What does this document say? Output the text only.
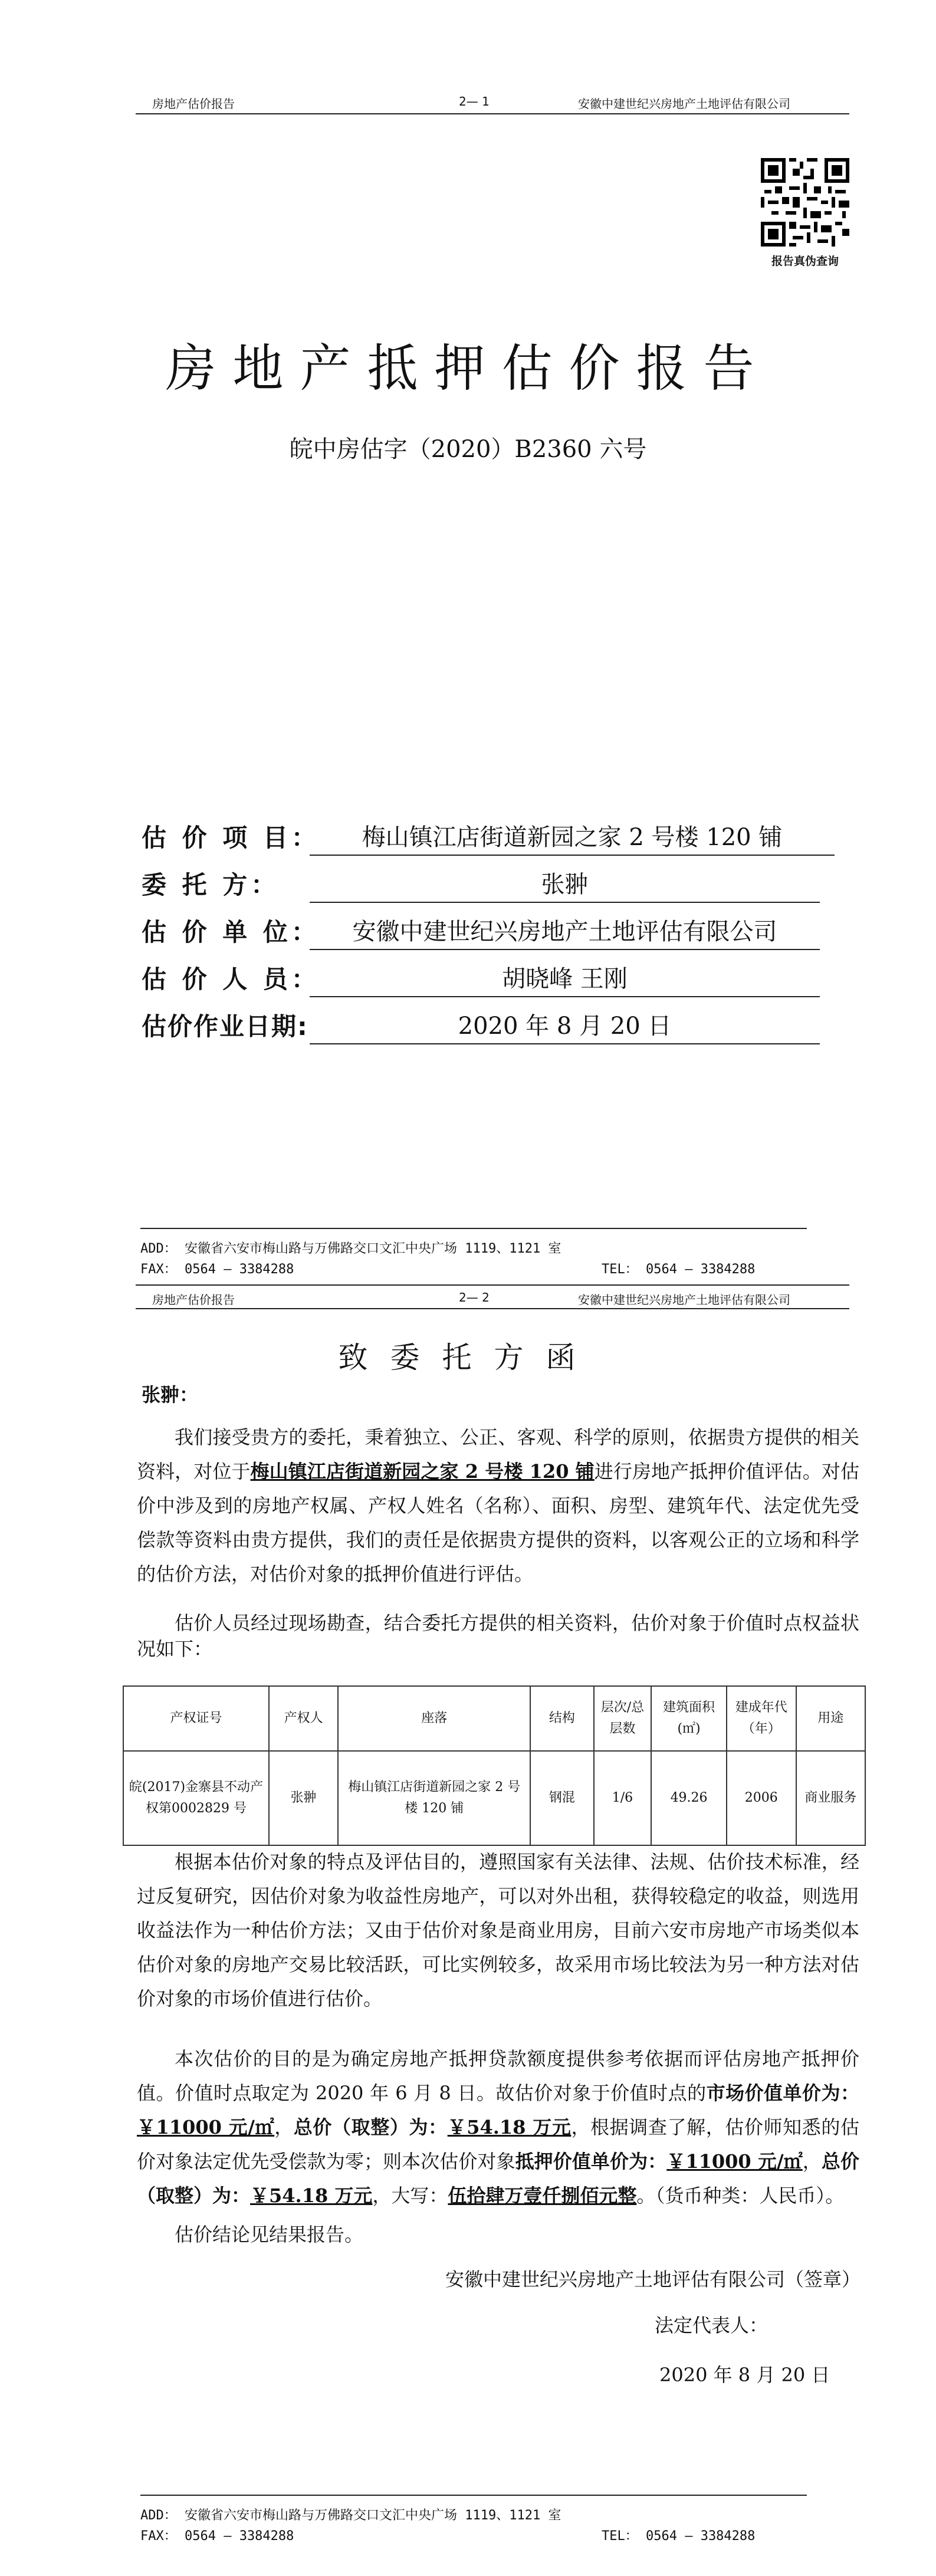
房地产估价报告	2— 1	安徽中建世纪兴房地产土地评估有限公司
报告真伪查询
房地产抵押估价报告
皖中房估字（2020）B2360 六号
估 价 项 目：	梅山镇江店街道新园之家 2 号楼 120 铺
委 托 方：	张翀
估 价 单 位：	安徽中建世纪兴房地产土地评估有限公司
估 价 人 员：	胡晓峰 王刚
估价作业日期:	2020 年 8 月 20 日
ADD： 安徽省六安市梅山路与万佛路交口文汇中央广场 1119、1121 室
FAX： 0564 — 3384288	TEL： 0564 — 3384288
房地产估价报告	2— 2	安徽中建世纪兴房地产土地评估有限公司
致委托方函
张翀：
我们接受贵方的委托，秉着独立、公正、客观、科学的原则，依据贵方提供的相关资料，对位于梅山镇江店街道新园之家 2 号楼 120 铺进行房地产抵押价值评估。对估价中涉及到的房地产权属、产权人姓名（名称）、面积、房型、建筑年代、法定优先受偿款等资料由贵方提供，我们的责任是依据贵方提供的资料，以客观公正的立场和科学的估价方法，对估价对象的抵押价值进行评估。
估价人员经过现场勘查，结合委托方提供的相关资料，估价对象于价值时点权益状况如下：
产权证号	产权人	座落	结构	层次/总层数	建筑面积(㎡)	建成年代（年）	用途
皖(2017)金寨县不动产权第0002829 号	张翀	梅山镇江店街道新园之家 2 号楼 120 铺	钢混	1/6	49.26	2006	商业服务
根据本估价对象的特点及评估目的，遵照国家有关法律、法规、估价技术标准，经过反复研究，因估价对象为收益性房地产，可以对外出租，获得较稳定的收益，则选用收益法作为一种估价方法；又由于估价对象是商业用房，目前六安市房地产市场类似本估价对象的房地产交易比较活跃，可比实例较多，故采用市场比较法为另一种方法对估价对象的市场价值进行估价。
本次估价的目的是为确定房地产抵押贷款额度提供参考依据而评估房地产抵押价值。价值时点取定为 2020 年 6 月 8 日。故估价对象于价值时点的市场价值单价为：￥11000 元/㎡，总价（取整）为：￥54.18 万元，根据调查了解，估价师知悉的估价对象法定优先受偿款为零；则本次估价对象抵押价值单价为：￥11000 元/㎡，总价（取整）为：￥54.18 万元，大写：伍拾肆万壹仟捌佰元整。（货币种类：人民币）。
估价结论见结果报告。
安徽中建世纪兴房地产土地评估有限公司（签章）
法定代表人：
2020 年 8 月 20 日
ADD： 安徽省六安市梅山路与万佛路交口文汇中央广场 1119、1121 室
FAX： 0564 — 3384288	TEL： 0564 — 3384288
